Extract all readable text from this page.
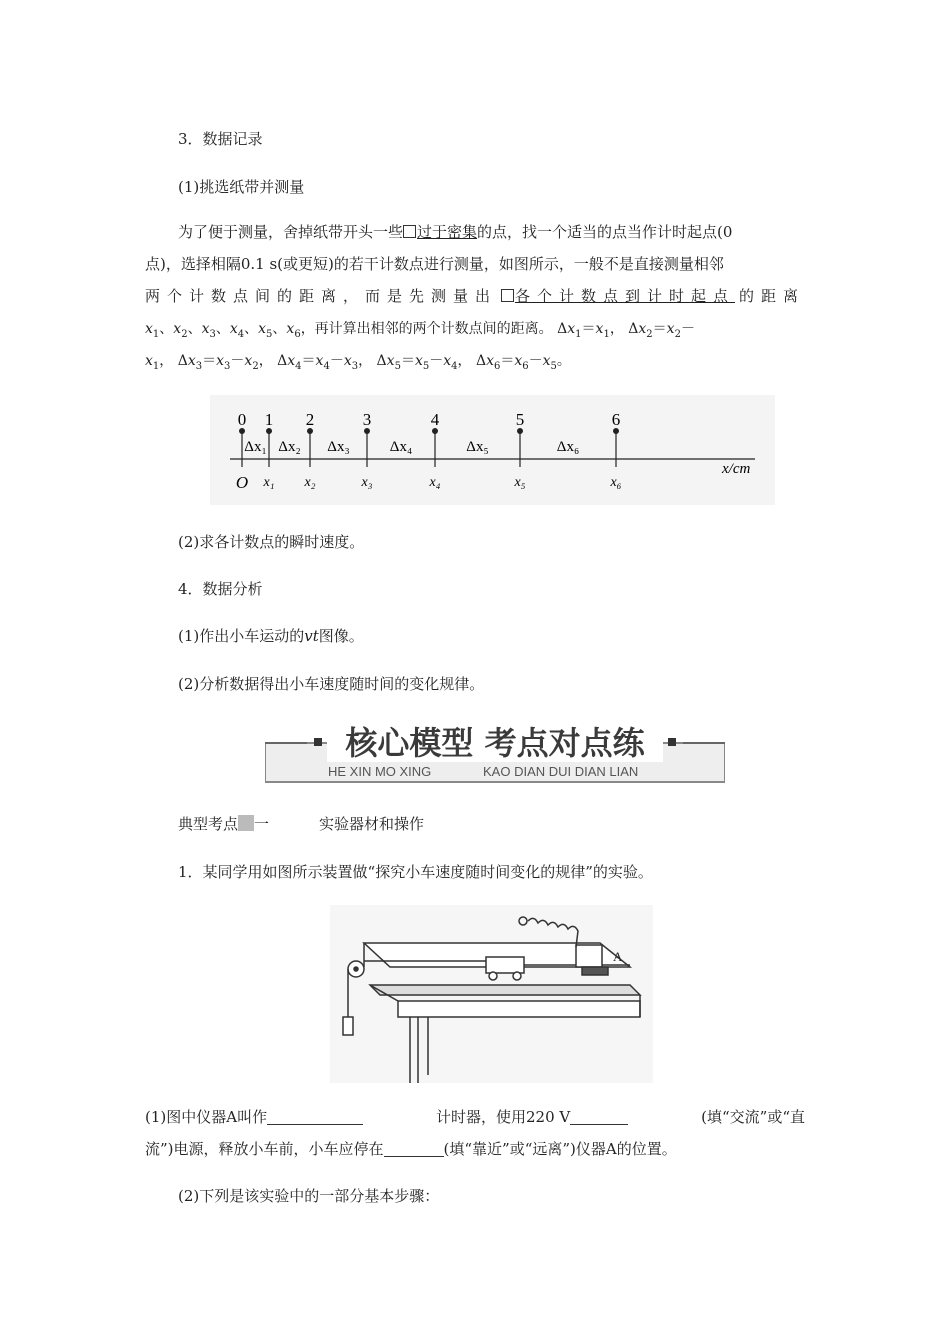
3．数据记录
(1)挑选纸带并测量
为了便于测量，舍掉纸带开头一些 过于密集的点，找一个适当的点当作计时起点(0
点)，选择相隔0.1 s(或更短)的若干计数点进行测量，如图所示，一般不是直接测量相邻
两个计数点间的距离，而是先测量出	各个计数点到计时起点 的距离
$x_1$、$x_2$、$x_3$、$x_4$、$x_5$、$x_6$，再计算出相邻的两个计数点间的距离。 $\Delta x_1=x_1$， $\Delta x_2=x_2-$
$x_1$， $\Delta x_3=x_3-x_2$， $\Delta x_4=x_4-x_3$， $\Delta x_5=x_5-x_4$， $\Delta x_6=x_6-x_5$。
0
O
Δx₁
1
x₁
Δx₂
2
x₂
Δx₃
3
x₃
Δx₄
4
x₄
Δx₅
5
x₅
Δx₆
6
x₆
x/cm
(2)求各计数点的瞬时速度。
4．数据分析
(1)作出小车运动的vt图像。
(2)分析数据得出小车速度随时间的变化规律。
核心模型 考点对点练
HE XIN MO XING	KAO DIAN DUI DIAN LIAN
典型考点 一	实验器材和操作
1．某同学用如图所示装置做“探究小车速度随时间变化的规律”的实验。
A
(1)图中仪器A叫作	计时器，使用220 V	(填“交流”或“直
流”)电源，释放小车前，小车应停在	(填“靠近”或“远离”)仪器A的位置。
(2)下列是该实验中的一部分基本步骤：
